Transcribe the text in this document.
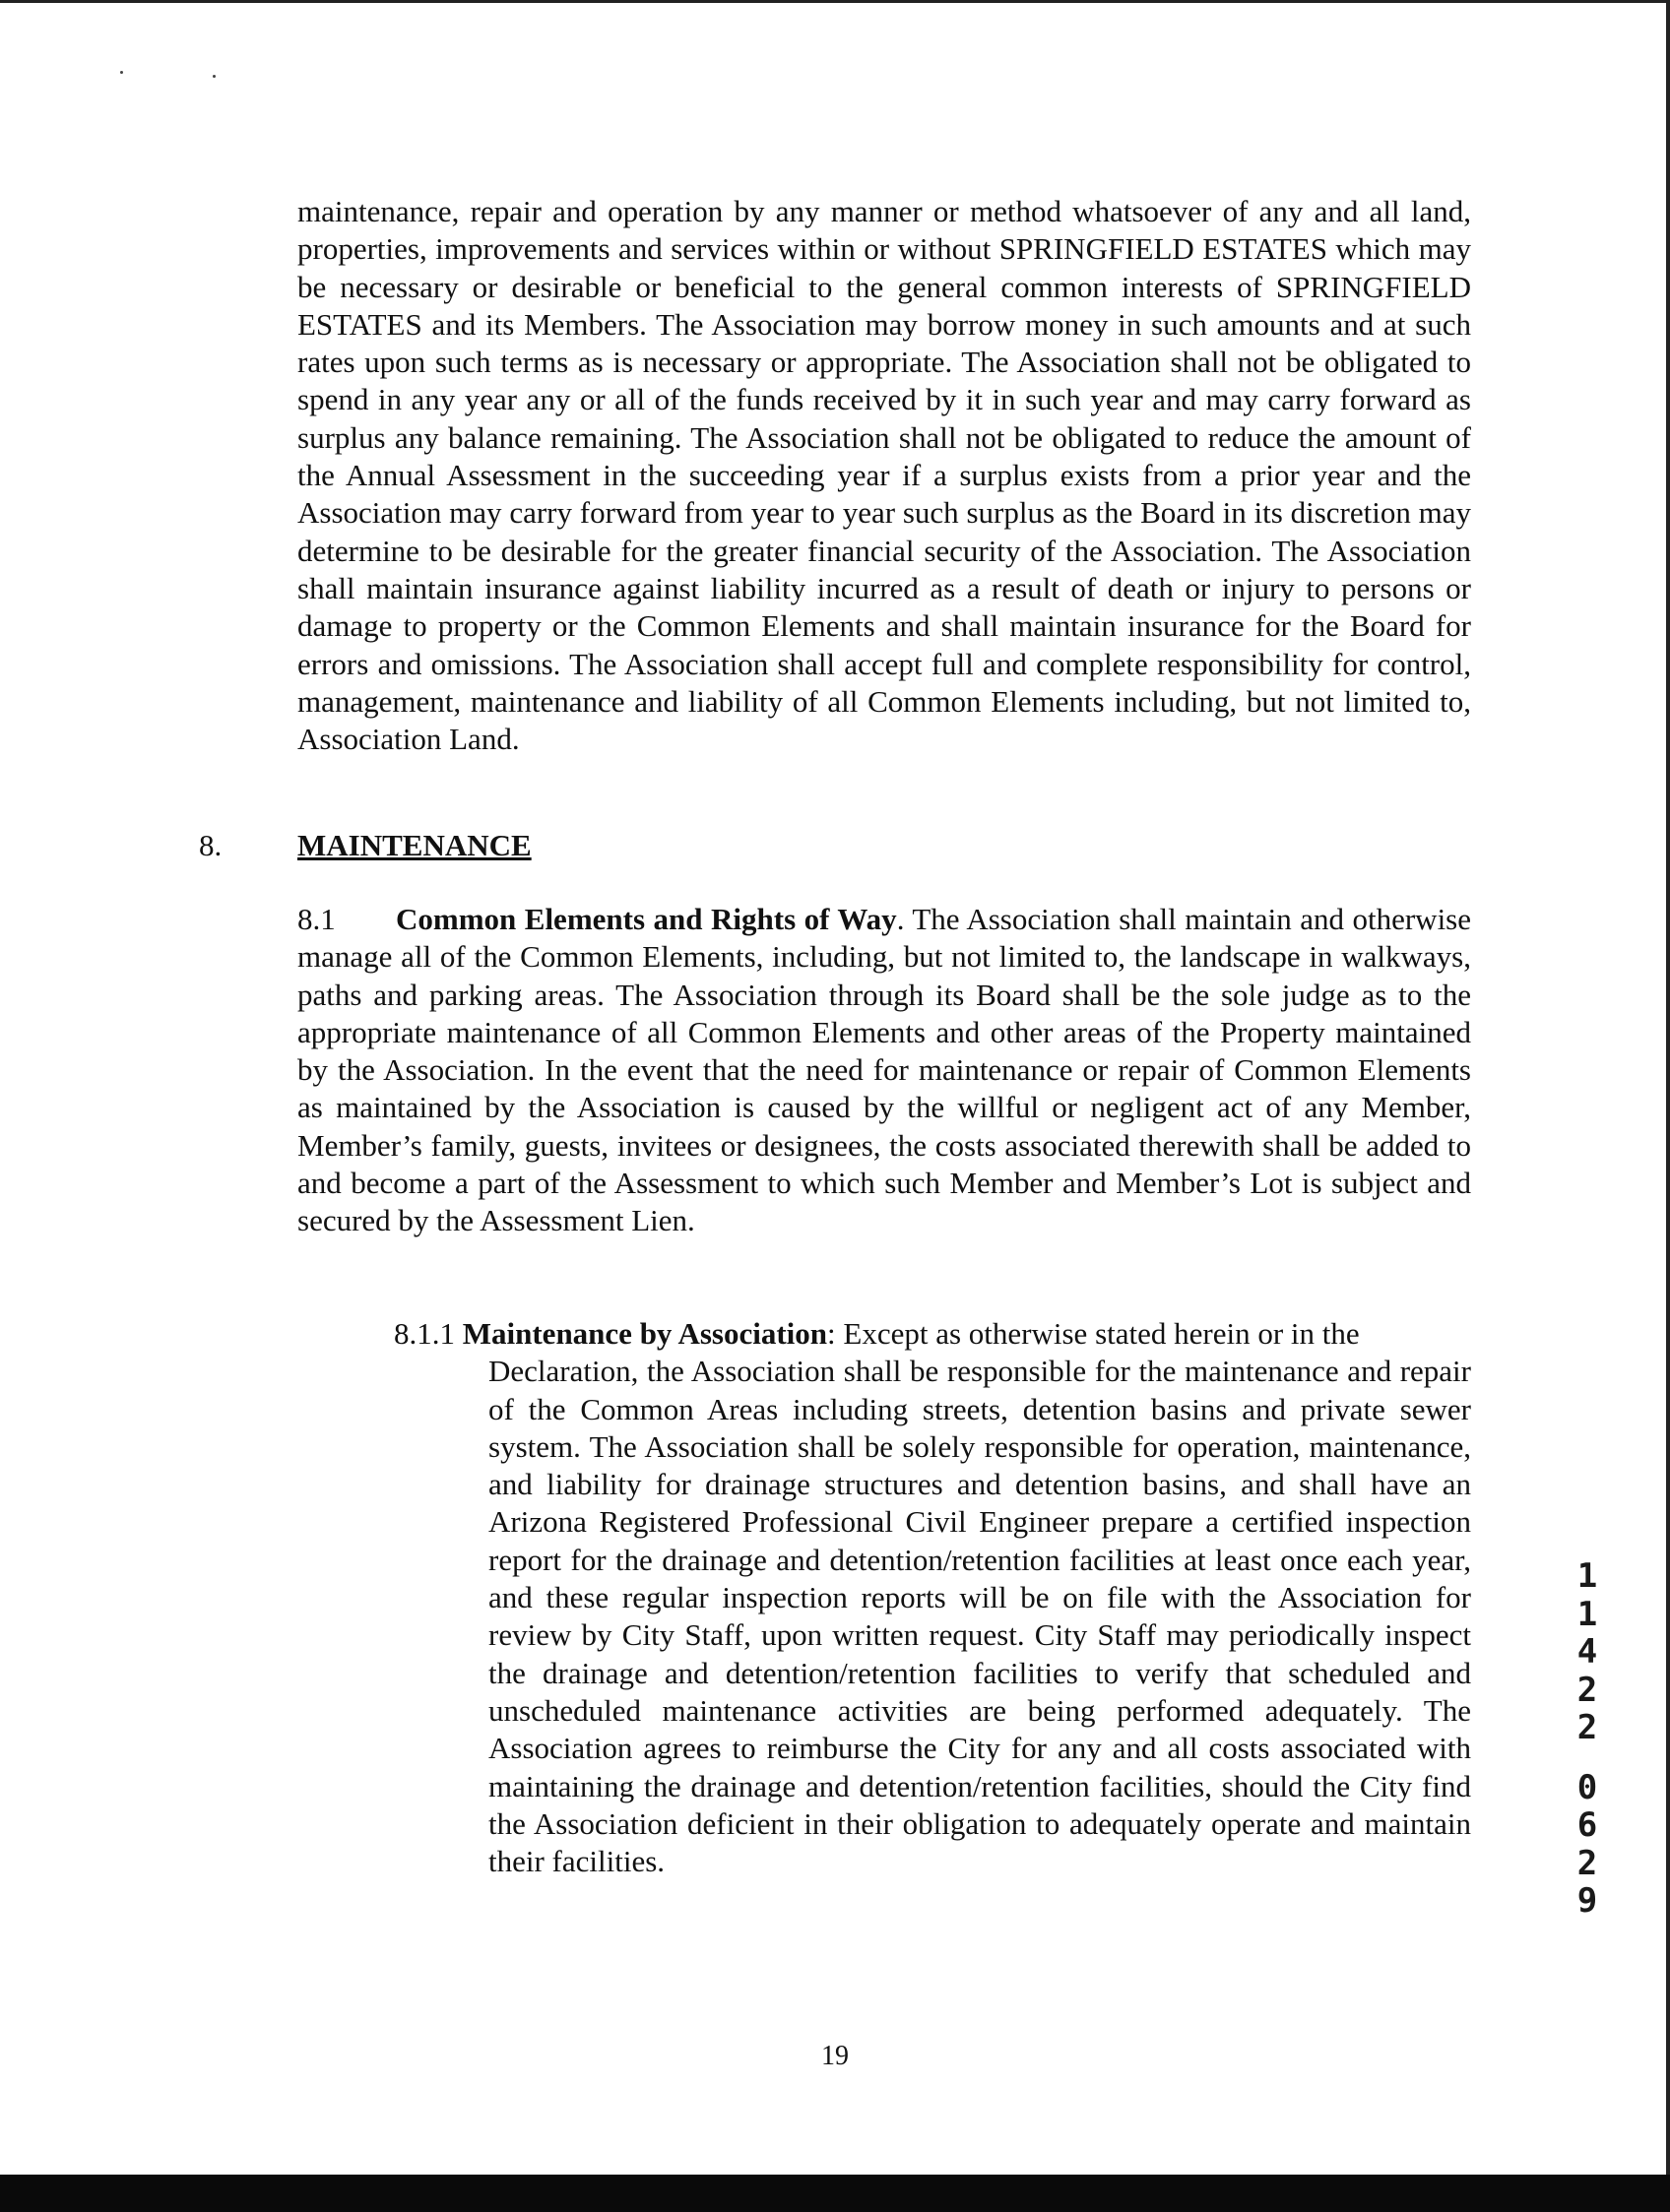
maintenance, repair and operation by any manner or method whatsoever of any and all land, properties, improvements and services within or without SPRINGFIELD ESTATES which may be necessary or desirable or beneficial to the general common interests of SPRINGFIELD ESTATES and its Members. The Association may borrow money in such amounts and at such rates upon such terms as is necessary or appropriate. The Association shall not be obligated to spend in any year any or all of the funds received by it in such year and may carry forward as surplus any balance remaining. The Association shall not be obligated to reduce the amount of the Annual Assessment in the succeeding year if a surplus exists from a prior year and the Association may carry forward from year to year such surplus as the Board in its discretion may determine to be desirable for the greater financial security of the Association. The Association shall maintain insurance against liability incurred as a result of death or injury to persons or damage to property or the Common Elements and shall maintain insurance for the Board for errors and omissions. The Association shall accept full and complete responsibility for control, management, maintenance and liability of all Common Elements including, but not limited to, Association Land.

8. MAINTENANCE

8.1 Common Elements and Rights of Way. The Association shall maintain and otherwise manage all of the Common Elements, including, but not limited to, the landscape in walkways, paths and parking areas. The Association through its Board shall be the sole judge as to the appropriate maintenance of all Common Elements and other areas of the Property maintained by the Association. In the event that the need for maintenance or repair of Common Elements as maintained by the Association is caused by the willful or negligent act of any Member, Member’s family, guests, invitees or designees, the costs associated therewith shall be added to and become a part of the Assessment to which such Member and Member’s Lot is subject and secured by the Assessment Lien.

8.1.1 Maintenance by Association: Except as otherwise stated herein or in the
Declaration, the Association shall be responsible for the maintenance and repair of the Common Areas including streets, detention basins and private sewer system. The Association shall be solely responsible for operation, maintenance, and liability for drainage structures and detention basins, and shall have an Arizona Registered Professional Civil Engineer prepare a certified inspection report for the drainage and detention/retention facilities at least once each year, and these regular inspection reports will be on file with the Association for review by City Staff, upon written request. City Staff may periodically inspect the drainage and detention/retention facilities to verify that scheduled and unscheduled maintenance activities are being performed adequately. The Association agrees to reimburse the City for any and all costs associated with maintaining the drainage and detention/retention facilities, should the City find the Association deficient in their obligation to adequately operate and maintain their facilities.
19
1
1
4
2
2
0
6
2
9
